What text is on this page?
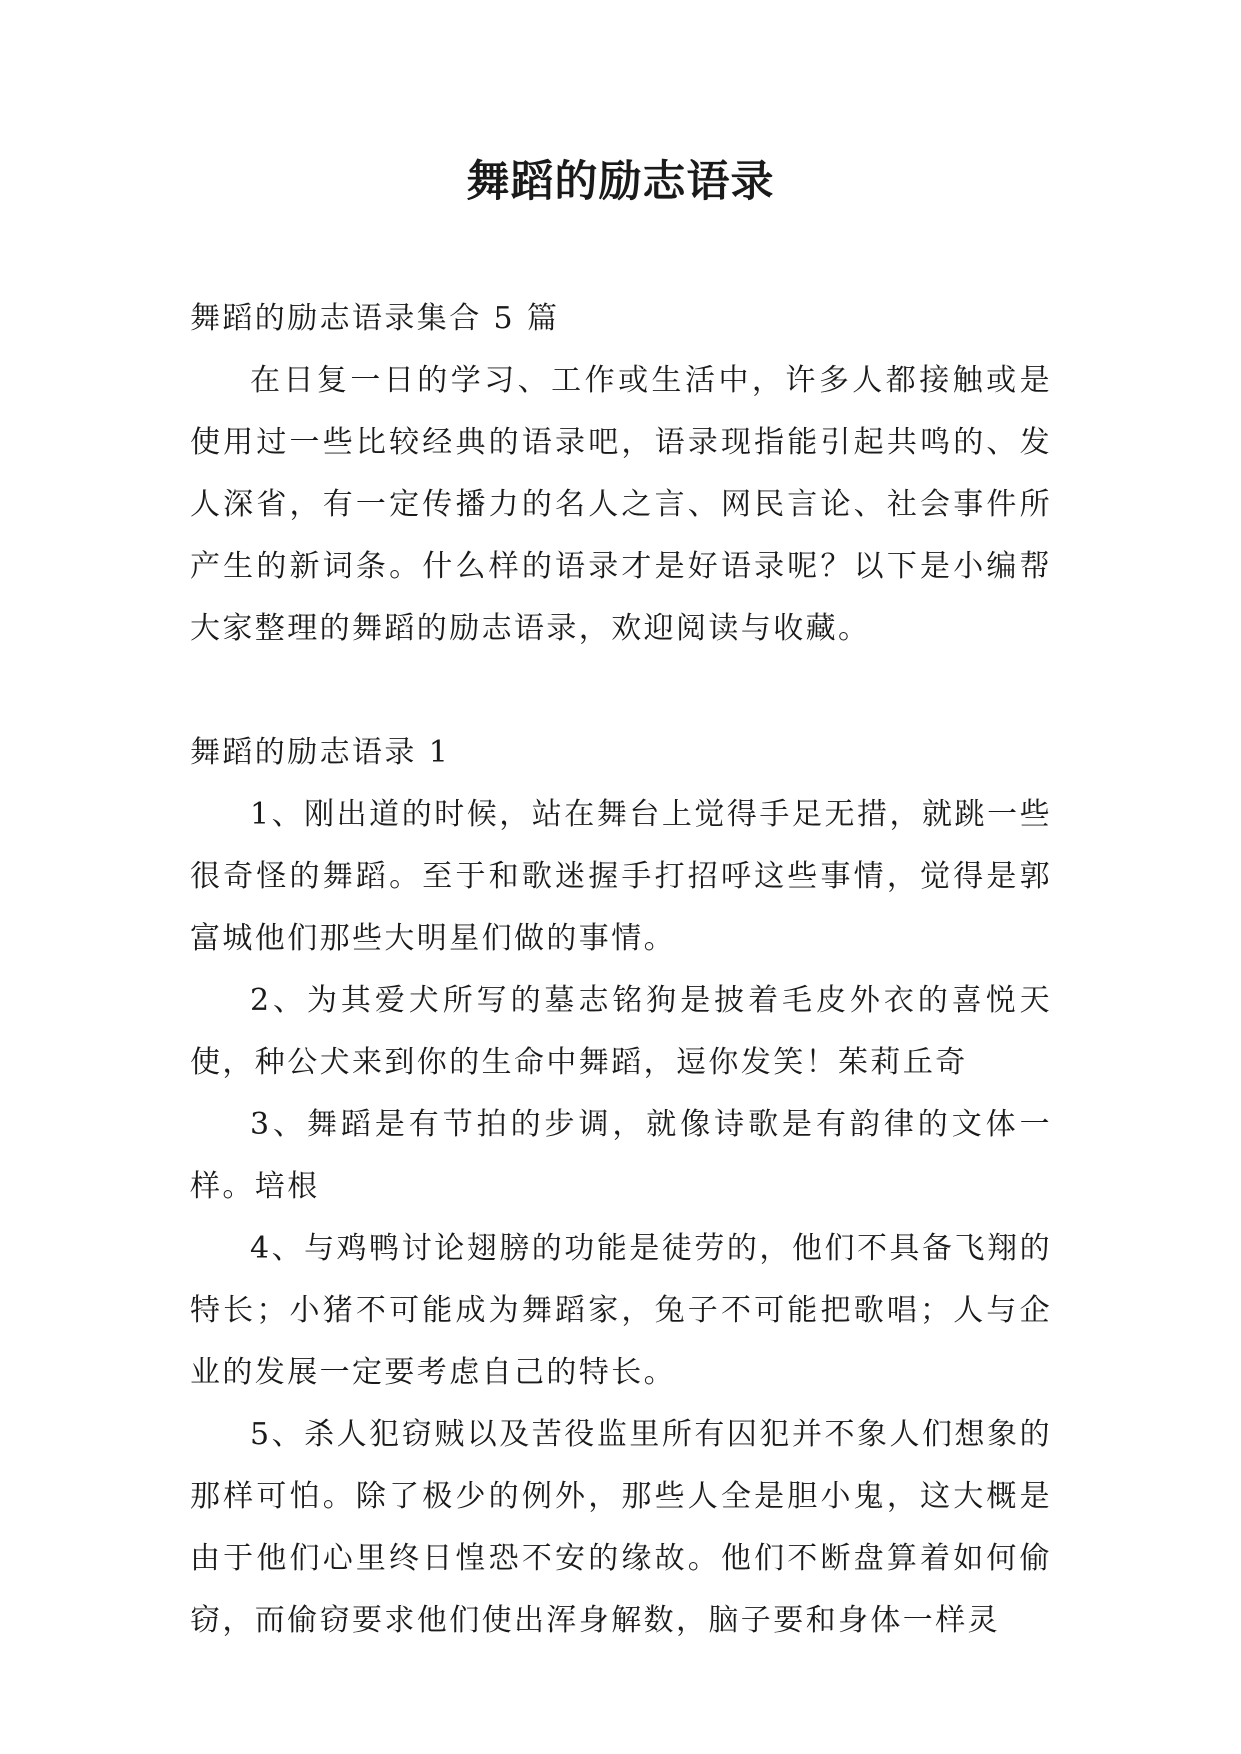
舞蹈的励志语录

舞蹈的励志语录集合 5 篇

在日复一日的学习、工作或生活中，许多人都接触或是使用过一些比较经典的语录吧，语录现指能引起共鸣的、发人深省，有一定传播力的名人之言、网民言论、社会事件所产生的新词条。什么样的语录才是好语录呢？以下是小编帮大家整理的舞蹈的励志语录，欢迎阅读与收藏。

舞蹈的励志语录 1

1、刚出道的时候，站在舞台上觉得手足无措，就跳一些很奇怪的舞蹈。至于和歌迷握手打招呼这些事情，觉得是郭富城他们那些大明星们做的事情。

2、为其爱犬所写的墓志铭狗是披着毛皮外衣的喜悦天使，种公犬来到你的生命中舞蹈，逗你发笑！茱莉丘奇

3、舞蹈是有节拍的步调，就像诗歌是有韵律的文体一样。培根

4、与鸡鸭讨论翅膀的功能是徒劳的，他们不具备飞翔的特长；小猪不可能成为舞蹈家，兔子不可能把歌唱；人与企业的发展一定要考虑自己的特长。

5、杀人犯窃贼以及苦役监里所有囚犯并不象人们想象的那样可怕。除了极少的例外，那些人全是胆小鬼，这大概是由于他们心里终日惶恐不安的缘故。他们不断盘算着如何偷窃，而偷窃要求他们使出浑身解数，脑子要和身体一样灵
